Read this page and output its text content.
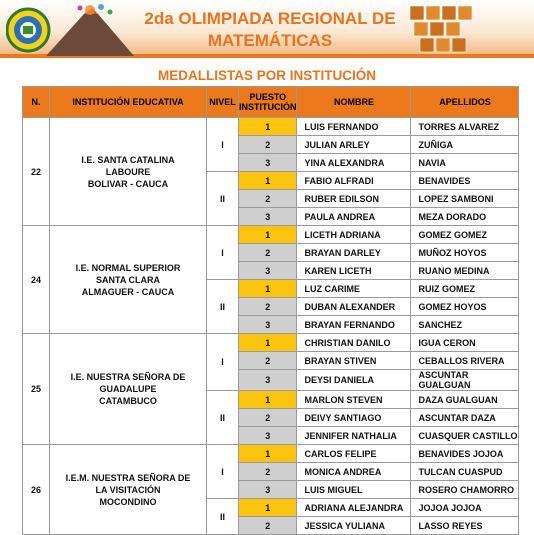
2da OLIMPIADA REGIONAL DE
MATEMÁTICAS
MEDALLISTAS POR INSTITUCIÓN
N.	INSTITUCIÓN EDUCATIVA	NIVEL	PUESTO INSTITUCIÓN	NOMBRE	APELLIDOS
22	I.E. SANTA CATALINA
LABOURE
BOLIVAR - CAUCA	I	1	LUIS FERNANDO	TORRES ALVAREZ
			2	JULIAN ARLEY	ZUÑIGA
			3	YINA ALEXANDRA	NAVIA
		II	1	FABIO ALFRADI	BENAVIDES
			2	RUBER EDILSON	LOPEZ SAMBONI
			3	PAULA ANDREA	MEZA DORADO
24	I.E. NORMAL SUPERIOR
SANTA CLARA
ALMAGUER - CAUCA	I	1	LICETH ADRIANA	GOMEZ GOMEZ
			2	BRAYAN DARLEY	MUÑOZ HOYOS
			3	KAREN LICETH	RUANO MEDINA
		II	1	LUZ CARIME	RUIZ GOMEZ
			2	DUBAN ALEXANDER	GOMEZ HOYOS
			3	BRAYAN FERNANDO	SANCHEZ
25	I.E. NUESTRA SEÑORA DE
GUADALUPE
CATAMBUCO	I	1	CHRISTIAN DANILO	IGUA CERON
			2	BRAYAN STIVEN	CEBALLOS RIVERA
			3	DEYSI DANIELA	ASCUNTAR GUALGUAN
		II	1	MARLON STEVEN	DAZA GUALGUAN
			2	DEIVY SANTIAGO	ASCUNTAR DAZA
			3	JENNIFER NATHALIA	CUASQUER CASTILLO
26	I.E.M. NUESTRA SEÑORA DE
LA VISITACIÓN
MOCONDINO	I	1	CARLOS FELIPE	BENAVIDES JOJOA
			2	MONICA ANDREA	TULCAN CUASPUD
			3	LUIS MIGUEL	ROSERO CHAMORRO
		II	1	ADRIANA ALEJANDRA	JOJOA JOJOA
			2	JESSICA YULIANA	LASSO REYES
